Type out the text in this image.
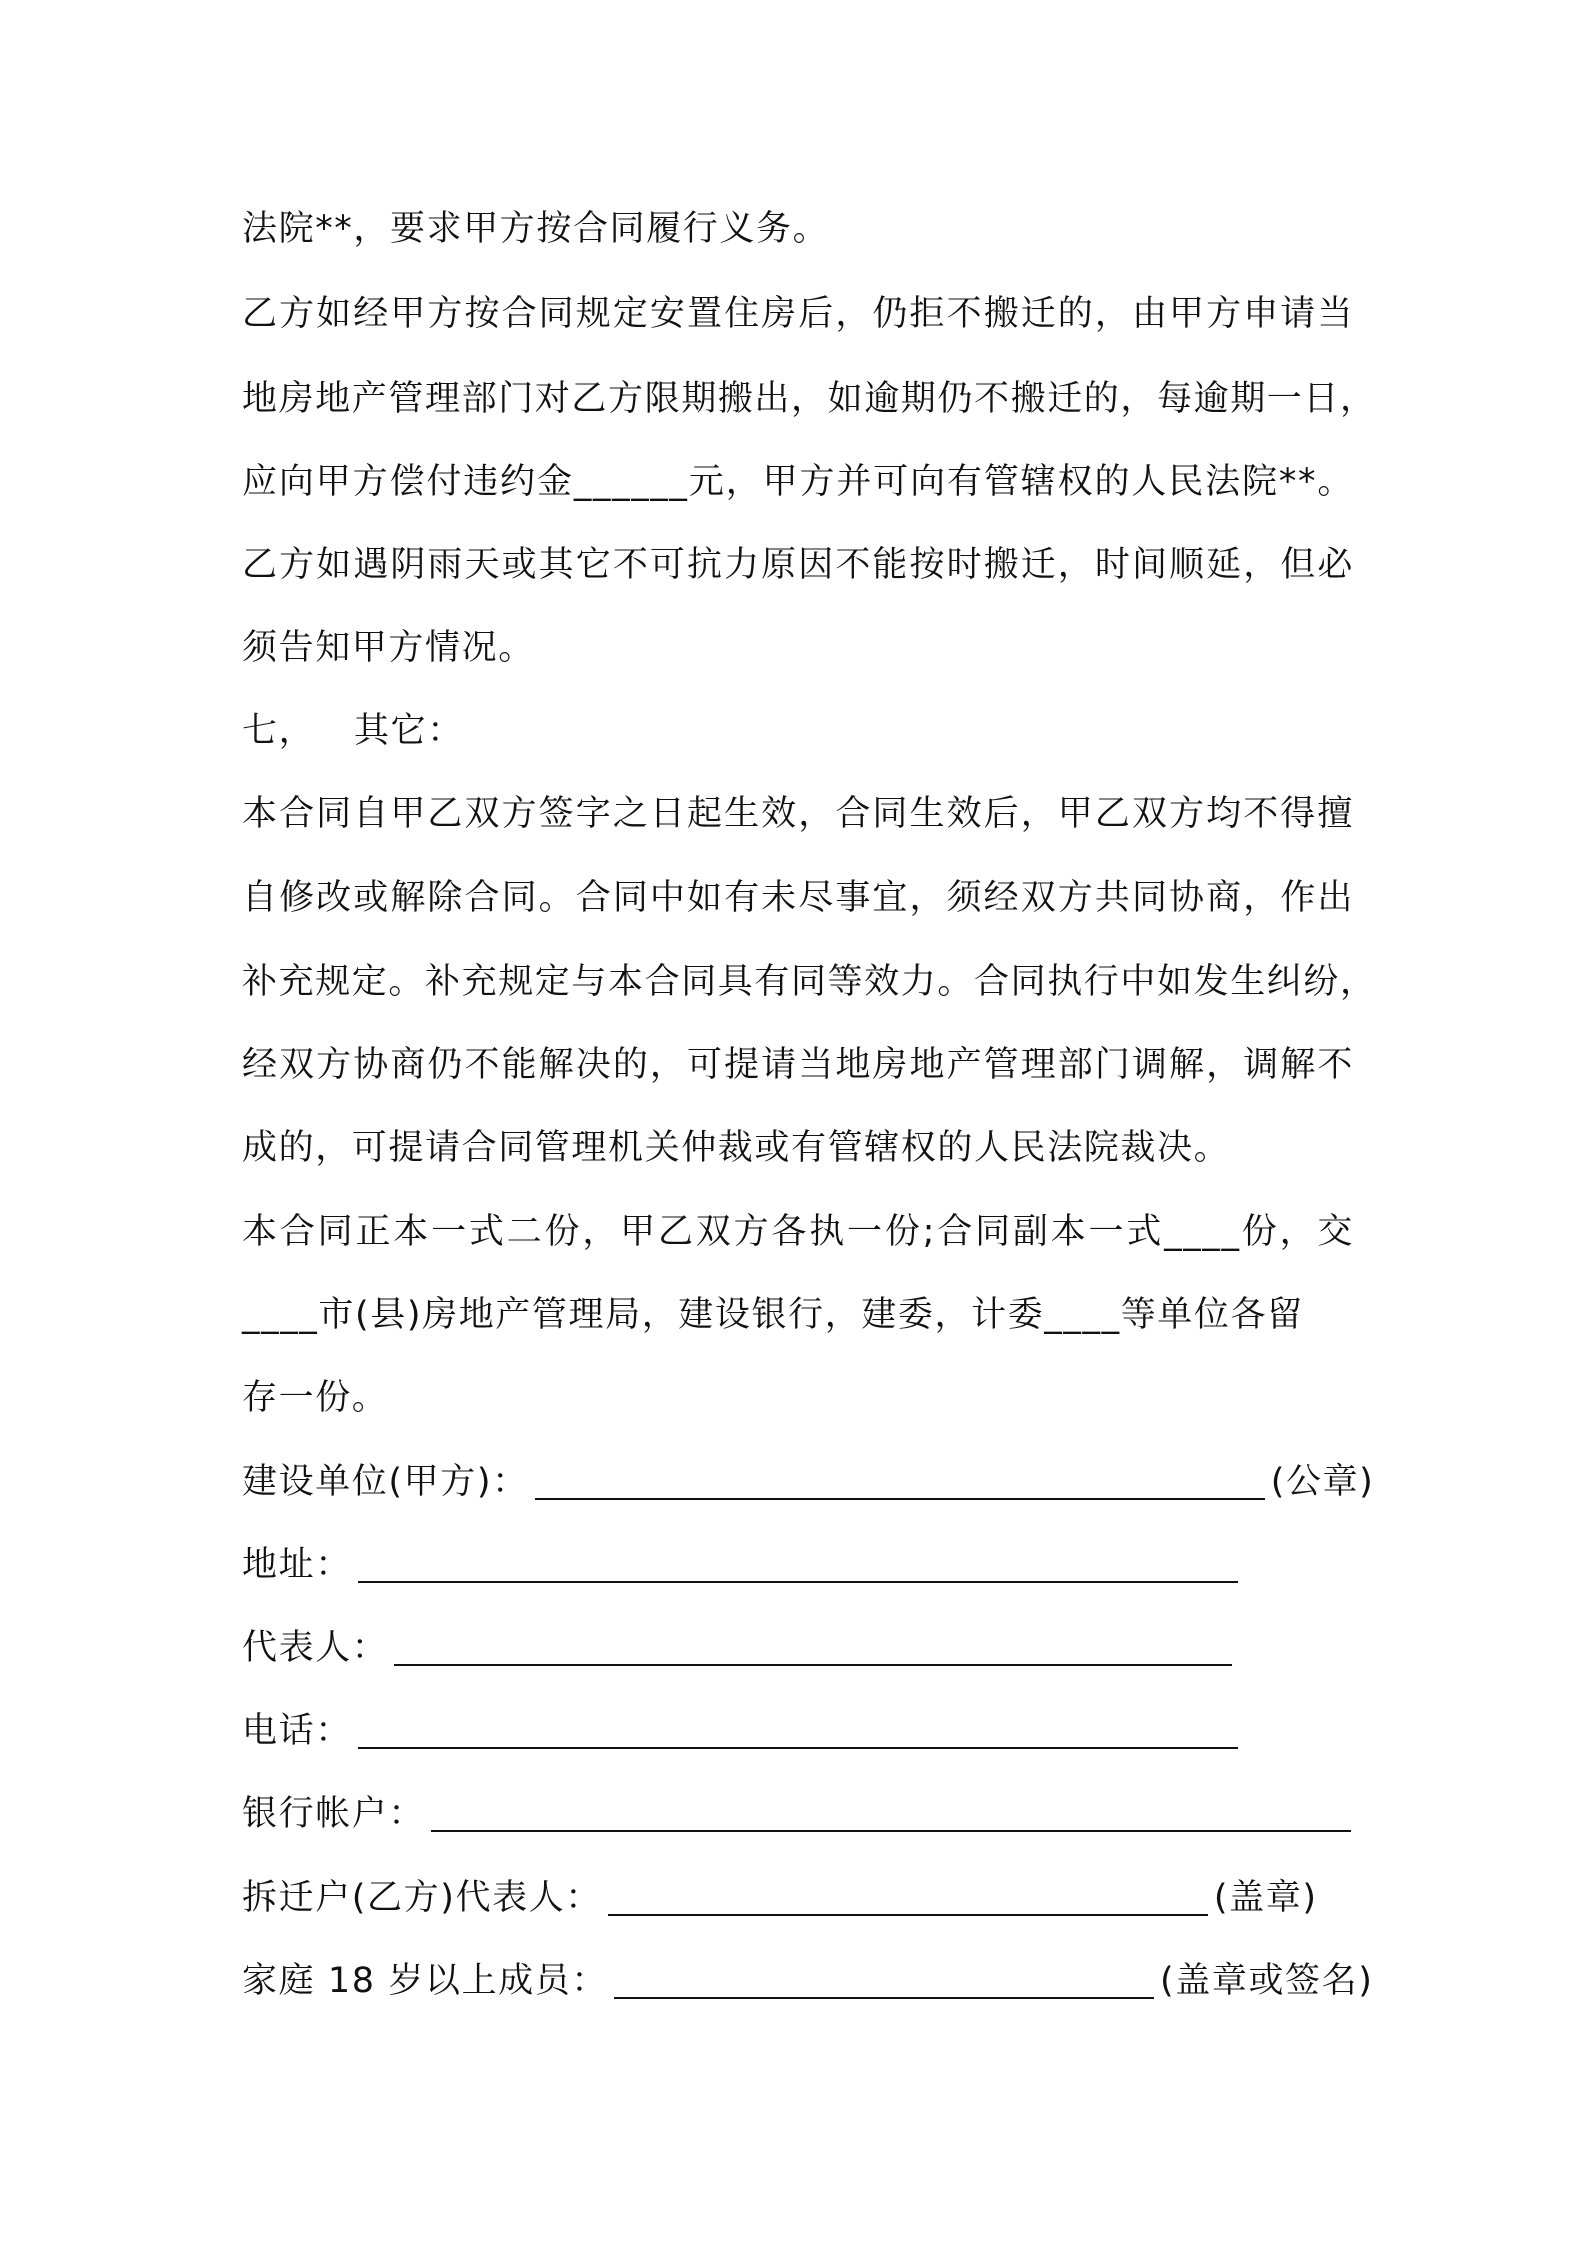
法院**，要求甲方按合同履行义务。
乙方如经甲方按合同规定安置住房后，仍拒不搬迁的，由甲方申请当
地房地产管理部门对乙方限期搬出，如逾期仍不搬迁的，每逾期一日，
应向甲方偿付违约金______元，甲方并可向有管辖权的人民法院**。
乙方如遇阴雨天或其它不可抗力原因不能按时搬迁，时间顺延，但必
须告知甲方情况。
七， 其它：
本合同自甲乙双方签字之日起生效，合同生效后，甲乙双方均不得擅
自修改或解除合同。合同中如有未尽事宜，须经双方共同协商，作出
补充规定。补充规定与本合同具有同等效力。合同执行中如发生纠纷，
经双方协商仍不能解决的，可提请当地房地产管理部门调解，调解不
成的，可提请合同管理机关仲裁或有管辖权的人民法院裁决。
本合同正本一式二份，甲乙双方各执一份;合同副本一式____份，交
____市(县)房地产管理局，建设银行，建委，计委____等单位各留
存一份。
建设单位(甲方)：	(公章)
地址：
代表人：
电话：
银行帐户：
拆迁户(乙方)代表人：	(盖章)
家庭 18 岁以上成员：	(盖章或签名)
